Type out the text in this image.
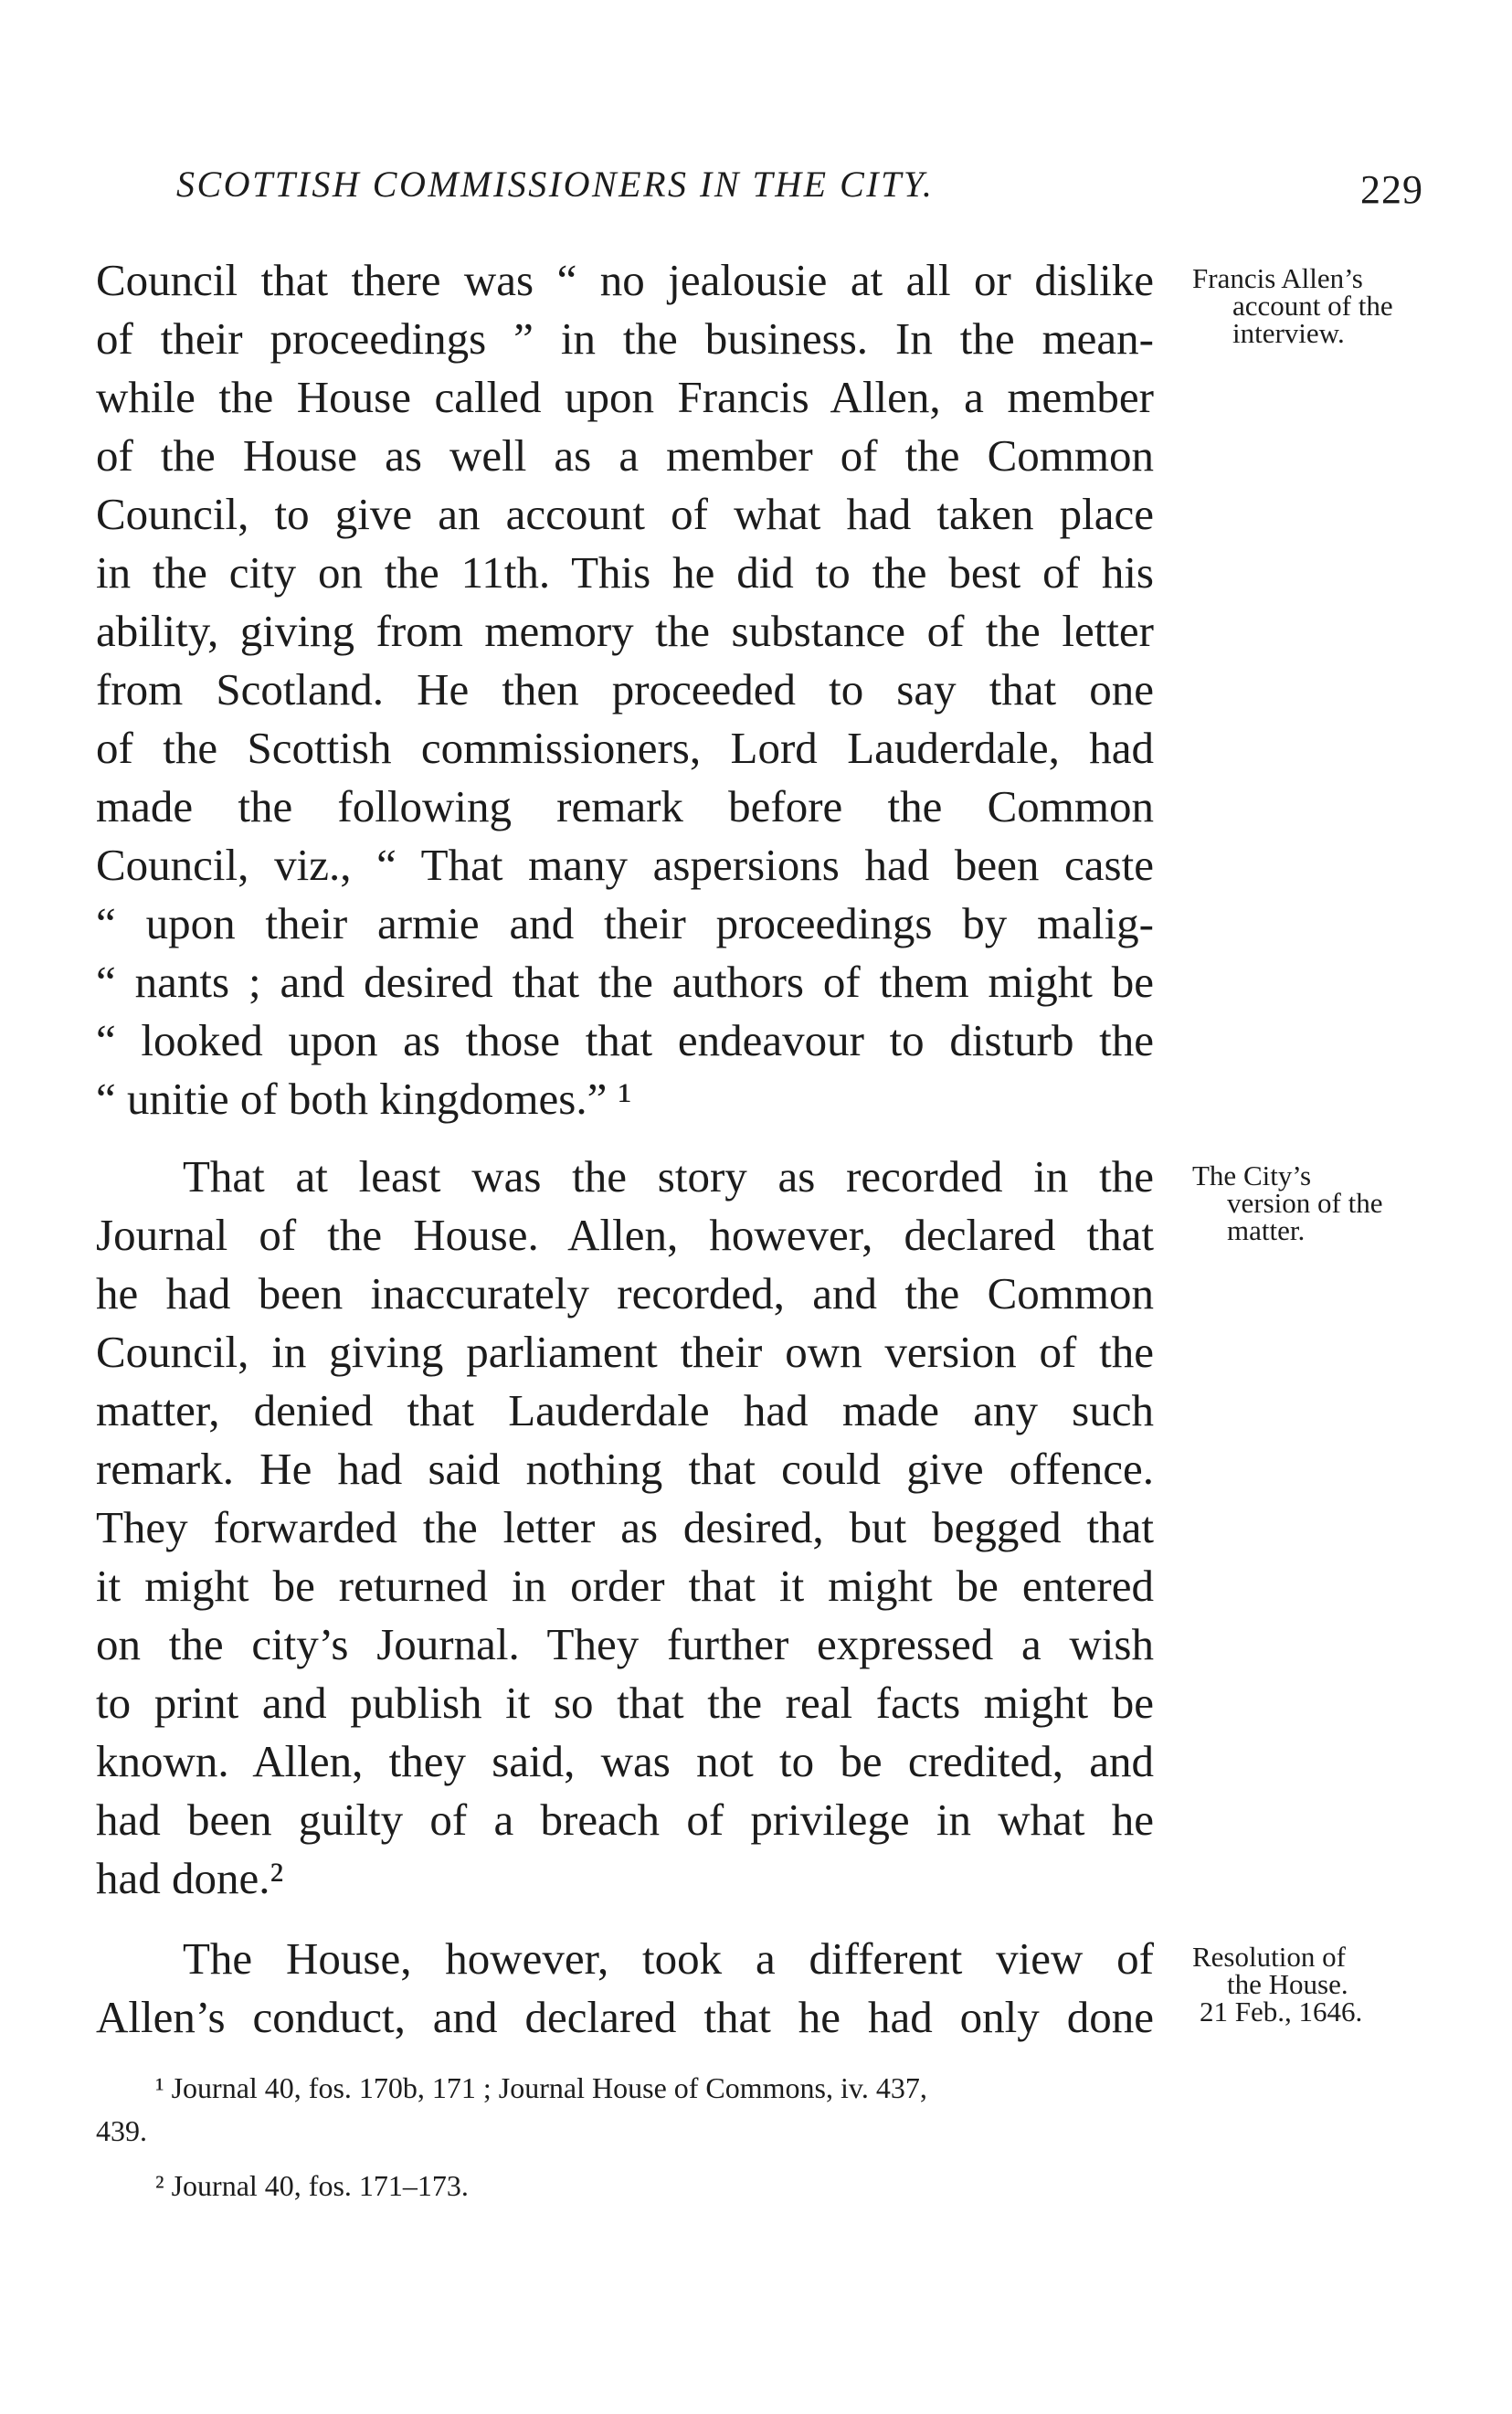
SCOTTISH COMMISSIONERS IN THE CITY.	229
Council that there was “ no jealousie at all or dislike
of their proceedings ” in the business. In the mean-
while the House called upon Francis Allen, a member
of the House as well as a member of the Common
Council, to give an account of what had taken place
in the city on the 11th. This he did to the best of his
ability, giving from memory the substance of the letter
from Scotland. He then proceeded to say that one
of the Scottish commissioners, Lord Lauderdale, had
made the following remark before the Common
Council, viz., “ That many aspersions had been caste
“ upon their armie and their proceedings by malig-
“ nants ; and desired that the authors of them might be
“ looked upon as those that endeavour to disturb the
“ unitie of both kingdomes.” ¹
That at least was the story as recorded in the
Journal of the House. Allen, however, declared that
he had been inaccurately recorded, and the Common
Council, in giving parliament their own version of the
matter, denied that Lauderdale had made any such
remark. He had said nothing that could give offence.
They forwarded the letter as desired, but begged that
it might be returned in order that it might be entered
on the city’s Journal. They further expressed a wish
to print and publish it so that the real facts might be
known. Allen, they said, was not to be credited, and
had been guilty of a breach of privilege in what he
had done.²
The House, however, took a different view of
Allen’s conduct, and declared that he had only done
Francis Allen’s
account of the
interview.
The City’s
version of the
matter.
Resolution of
the House.
21 Feb., 1646.
¹ Journal 40, fos. 170b, 171 ; Journal House of Commons, iv. 437,
439.
² Journal 40, fos. 171–173.
